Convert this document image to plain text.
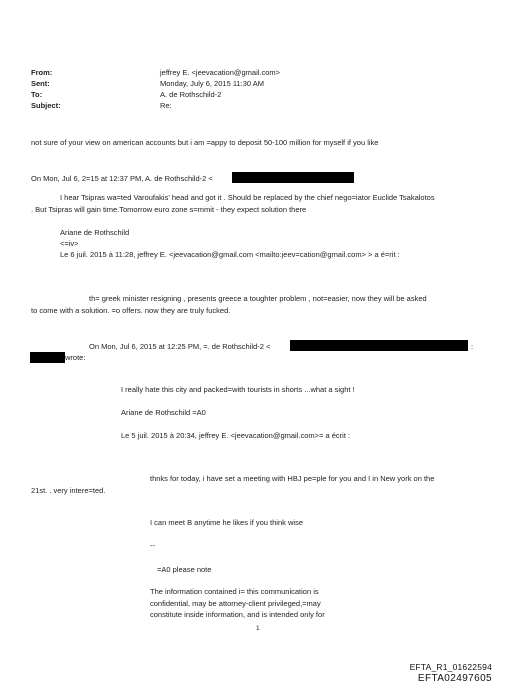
From:	jeffrey E. <jeevacation@gmail.com>
Sent:	Monday, July 6, 2015 11:30 AM
To:	A. de Rothschild-2
Subject:	Re:
not sure of your view on american accounts but i am =appy to deposit 50-100 million for myself if you like
On Mon, Jul 6, 2=15 at 12:37 PM, A. de Rothschild-2 <
I hear Tsipras wa=ted Varoufakis' head and got it . Should be replaced by the chief nego=iator Euclide Tsakalotos
. But Tsipras will gain time.Tomorrow euro zone s=mmit - they expect solution there
Ariane de Rothschild
<=iv>
Le 6 juil. 2015 à 11:28, jeffrey E. <jeevacation@gmail.com <mailto:jeev=cation@gmail.com> > a é=rit :
th= greek minister resigning , presents greece a toughter problem , not=easier, now they will be asked
to come with a solution. =o offers. now they are truly fucked.
On Mon, Jul 6, 2015 at 12:25 PM, =. de Rothschild-2 <	:
wrote:
I really hate this city and packed=with tourists in shorts ...what a sight !
Ariane de Rothschild =A0
Le 5 juil. 2015 à 20:34, jeffrey E. <jeevacation@gmail.com>= a écrit :
thnks for today, i have set a meeting with HBJ pe=ple for you and I in New york on the
21st. . very intere=ted.
I can meet B anytime he likes if you think wise
--
=A0 please note
The information contained i= this communication is
confidential, may be attorney-client privileged,=may
constitute inside information, and is intended only for
1
EFTA_R1_01622594
EFTA02497605
